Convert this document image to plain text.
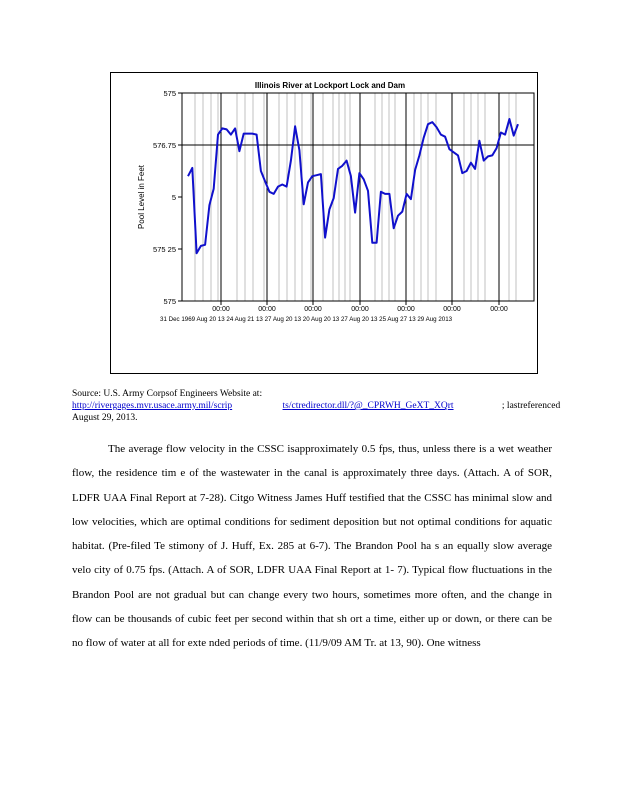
Illinois River at Lockport Lock and Dam
575
576.75
5
575 25
575
00:00	00:00	00:00	00:00	00:00	00:00	00:00
Pool Level in Feet
31 Dec 1969 Aug 20 13 24 Aug 21 13 27 Aug 20 13 20 Aug 20 13 27 Aug 20 13 25 Aug 27 13 29 Aug 2013
Source: U.S. Army Corpsof Engineers Website at:
http://rivergages.mvr.usace.army.mil/scrip	ts/ctredirector.dll/?@_CPRWH_GeXT_XQrt	; lastreferenced
August 29, 2013.

The average flow velocity in the CSSC isapproximately 0.5 fps, thus, unless there is a wet weather flow, the residence tim e of the wastewater in the canal is approximately three days. (Attach. A of SOR, LDFR UAA Final Report at 7-28). Citgo Witness James Huff testified that the CSSC has minimal slow and low velocities, which are optimal conditions for sediment deposition but not optimal conditions for aquatic habitat. (Pre-filed Te stimony of J. Huff, Ex. 285 at 6-7). The Brandon Pool ha s an equally slow average velo city of 0.75 fps. (Attach. A of SOR, LDFR UAA Final Report at 1- 7). Typical flow fluctuations in the Brandon Pool are not gradual but can change every two hours, sometimes more often, and the change in flow can be thousands of cubic feet per second within that sh ort a time, either up or down, or there can be no flow of water at all for exte nded periods of time. (11/9/09 AM Tr. at 13, 90). One witness
